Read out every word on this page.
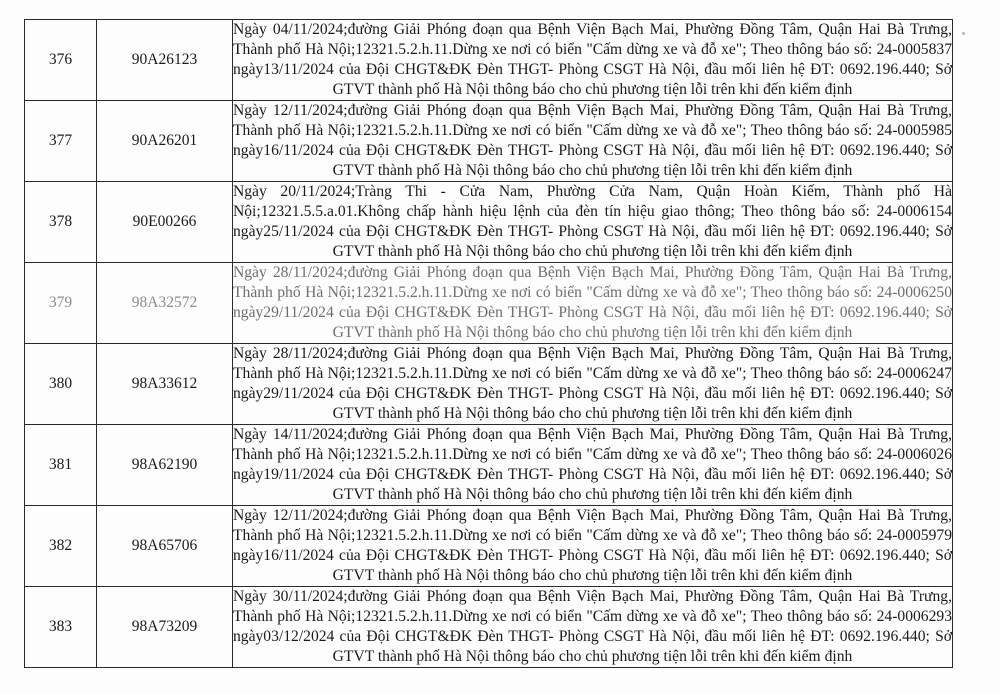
376	90A26123	Ngày 04/11/2024;đường Giải Phóng đoạn qua Bệnh Viện Bạch Mai, Phường Đồng Tâm, Quận Hai Bà Trưng, Thành phố Hà Nội;12321.5.2.h.11.Dừng xe nơi có biển "Cấm dừng xe và đỗ xe"; Theo thông báo số: 24-0005837 ngày13/11/2024 của Đội CHGT&ĐK Đèn THGT- Phòng CSGT Hà Nội, đầu mối liên hệ ĐT: 0692.196.440; Sở GTVT thành phố Hà Nội thông báo cho chủ phương tiện lỗi trên khi đến kiểm định

377	90A26201	Ngày 12/11/2024;đường Giải Phóng đoạn qua Bệnh Viện Bạch Mai, Phường Đồng Tâm, Quận Hai Bà Trưng, Thành phố Hà Nội;12321.5.2.h.11.Dừng xe nơi có biển "Cấm dừng xe và đỗ xe"; Theo thông báo số: 24-0005985 ngày16/11/2024 của Đội CHGT&ĐK Đèn THGT- Phòng CSGT Hà Nội, đầu mối liên hệ ĐT: 0692.196.440; Sở GTVT thành phố Hà Nội thông báo cho chủ phương tiện lỗi trên khi đến kiểm định

378	90E00266	Ngày 20/11/2024;Tràng Thi - Cửa Nam, Phường Cửa Nam, Quận Hoàn Kiếm, Thành phố Hà Nội;12321.5.5.a.01.Không chấp hành hiệu lệnh của đèn tín hiệu giao thông; Theo thông báo số: 24-0006154 ngày25/11/2024 của Đội CHGT&ĐK Đèn THGT- Phòng CSGT Hà Nội, đầu mối liên hệ ĐT: 0692.196.440; Sở GTVT thành phố Hà Nội thông báo cho chủ phương tiện lỗi trên khi đến kiểm định

379	98A32572	Ngày 28/11/2024;đường Giải Phóng đoạn qua Bệnh Viện Bạch Mai, Phường Đồng Tâm, Quận Hai Bà Trưng, Thành phố Hà Nội;12321.5.2.h.11.Dừng xe nơi có biển "Cấm dừng xe và đỗ xe"; Theo thông báo số: 24-0006250 ngày29/11/2024 của Đội CHGT&ĐK Đèn THGT- Phòng CSGT Hà Nội, đầu mối liên hệ ĐT: 0692.196.440; Sở GTVT thành phố Hà Nội thông báo cho chủ phương tiện lỗi trên khi đến kiểm định

380	98A33612	Ngày 28/11/2024;đường Giải Phóng đoạn qua Bệnh Viện Bạch Mai, Phường Đồng Tâm, Quận Hai Bà Trưng, Thành phố Hà Nội;12321.5.2.h.11.Dừng xe nơi có biển "Cấm dừng xe và đỗ xe"; Theo thông báo số: 24-0006247 ngày29/11/2024 của Đội CHGT&ĐK Đèn THGT- Phòng CSGT Hà Nội, đầu mối liên hệ ĐT: 0692.196.440; Sở GTVT thành phố Hà Nội thông báo cho chủ phương tiện lỗi trên khi đến kiểm định

381	98A62190	Ngày 14/11/2024;đường Giải Phóng đoạn qua Bệnh Viện Bạch Mai, Phường Đồng Tâm, Quận Hai Bà Trưng, Thành phố Hà Nội;12321.5.2.h.11.Dừng xe nơi có biển "Cấm dừng xe và đỗ xe"; Theo thông báo số: 24-0006026 ngày19/11/2024 của Đội CHGT&ĐK Đèn THGT- Phòng CSGT Hà Nội, đầu mối liên hệ ĐT: 0692.196.440; Sở GTVT thành phố Hà Nội thông báo cho chủ phương tiện lỗi trên khi đến kiểm định

382	98A65706	Ngày 12/11/2024;đường Giải Phóng đoạn qua Bệnh Viện Bạch Mai, Phường Đồng Tâm, Quận Hai Bà Trưng, Thành phố Hà Nội;12321.5.2.h.11.Dừng xe nơi có biển "Cấm dừng xe và đỗ xe"; Theo thông báo số: 24-0005979 ngày16/11/2024 của Đội CHGT&ĐK Đèn THGT- Phòng CSGT Hà Nội, đầu mối liên hệ ĐT: 0692.196.440; Sở GTVT thành phố Hà Nội thông báo cho chủ phương tiện lỗi trên khi đến kiểm định

383	98A73209	Ngày 30/11/2024;đường Giải Phóng đoạn qua Bệnh Viện Bạch Mai, Phường Đồng Tâm, Quận Hai Bà Trưng, Thành phố Hà Nội;12321.5.2.h.11.Dừng xe nơi có biển "Cấm dừng xe và đỗ xe"; Theo thông báo số: 24-0006293 ngày03/12/2024 của Đội CHGT&ĐK Đèn THGT- Phòng CSGT Hà Nội, đầu mối liên hệ ĐT: 0692.196.440; Sở GTVT thành phố Hà Nội thông báo cho chủ phương tiện lỗi trên khi đến kiểm định
